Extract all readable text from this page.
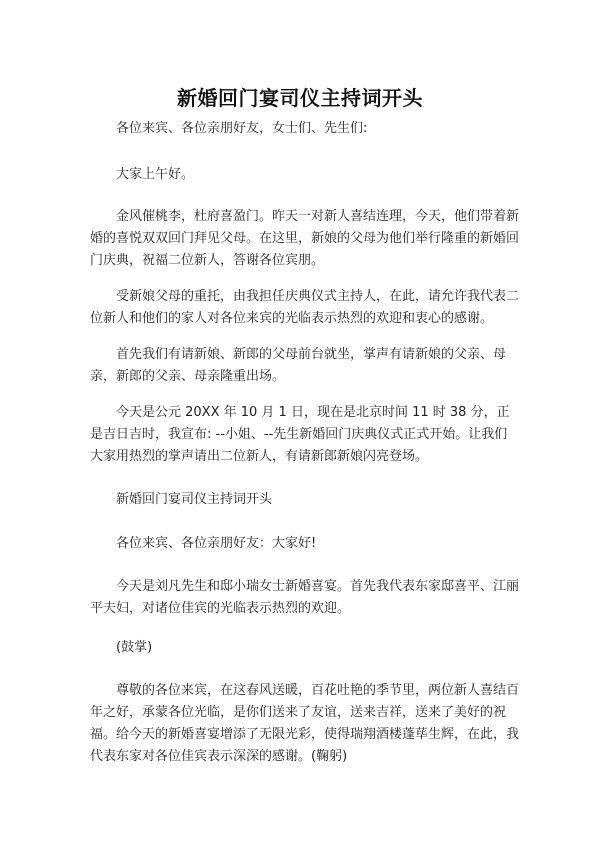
新婚回门宴司仪主持词开头
各位来宾、各位亲朋好友，女士们、先生们:
大家上午好。
金风催桃李，杜府喜盈门。昨天一对新人喜结连理，今天，他们带着新婚的喜悦双双回门拜见父母。在这里，新娘的父母为他们举行隆重的新婚回门庆典，祝福二位新人，答谢各位宾朋。
受新娘父母的重托，由我担任庆典仪式主持人，在此，请允许我代表二位新人和他们的家人对各位来宾的光临表示热烈的欢迎和衷心的感谢。
首先我们有请新娘、新郎的父母前台就坐，掌声有请新娘的父亲、母亲，新郎的父亲、母亲隆重出场。
今天是公元 20XX 年 10 月 1 日，现在是北京时间 11 时 38 分，正是吉日吉时，我宣布: --小姐、--先生新婚回门庆典仪式正式开始。让我们大家用热烈的掌声请出二位新人，有请新郎新娘闪亮登场。
新婚回门宴司仪主持词开头
各位来宾、各位亲朋好友：大家好!
今天是刘凡先生和邸小瑞女士新婚喜宴。首先我代表东家邸喜平、江丽平夫妇，对诸位佳宾的光临表示热烈的欢迎。
(鼓掌)
尊敬的各位来宾，在这春风送暖，百花吐艳的季节里，两位新人喜结百年之好，承蒙各位光临，是你们送来了友谊，送来吉祥，送来了美好的祝福。给今天的新婚喜宴增添了无限光彩，使得瑞翔酒楼蓬荜生辉，在此，我代表东家对各位佳宾表示深深的感谢。(鞠躬)
